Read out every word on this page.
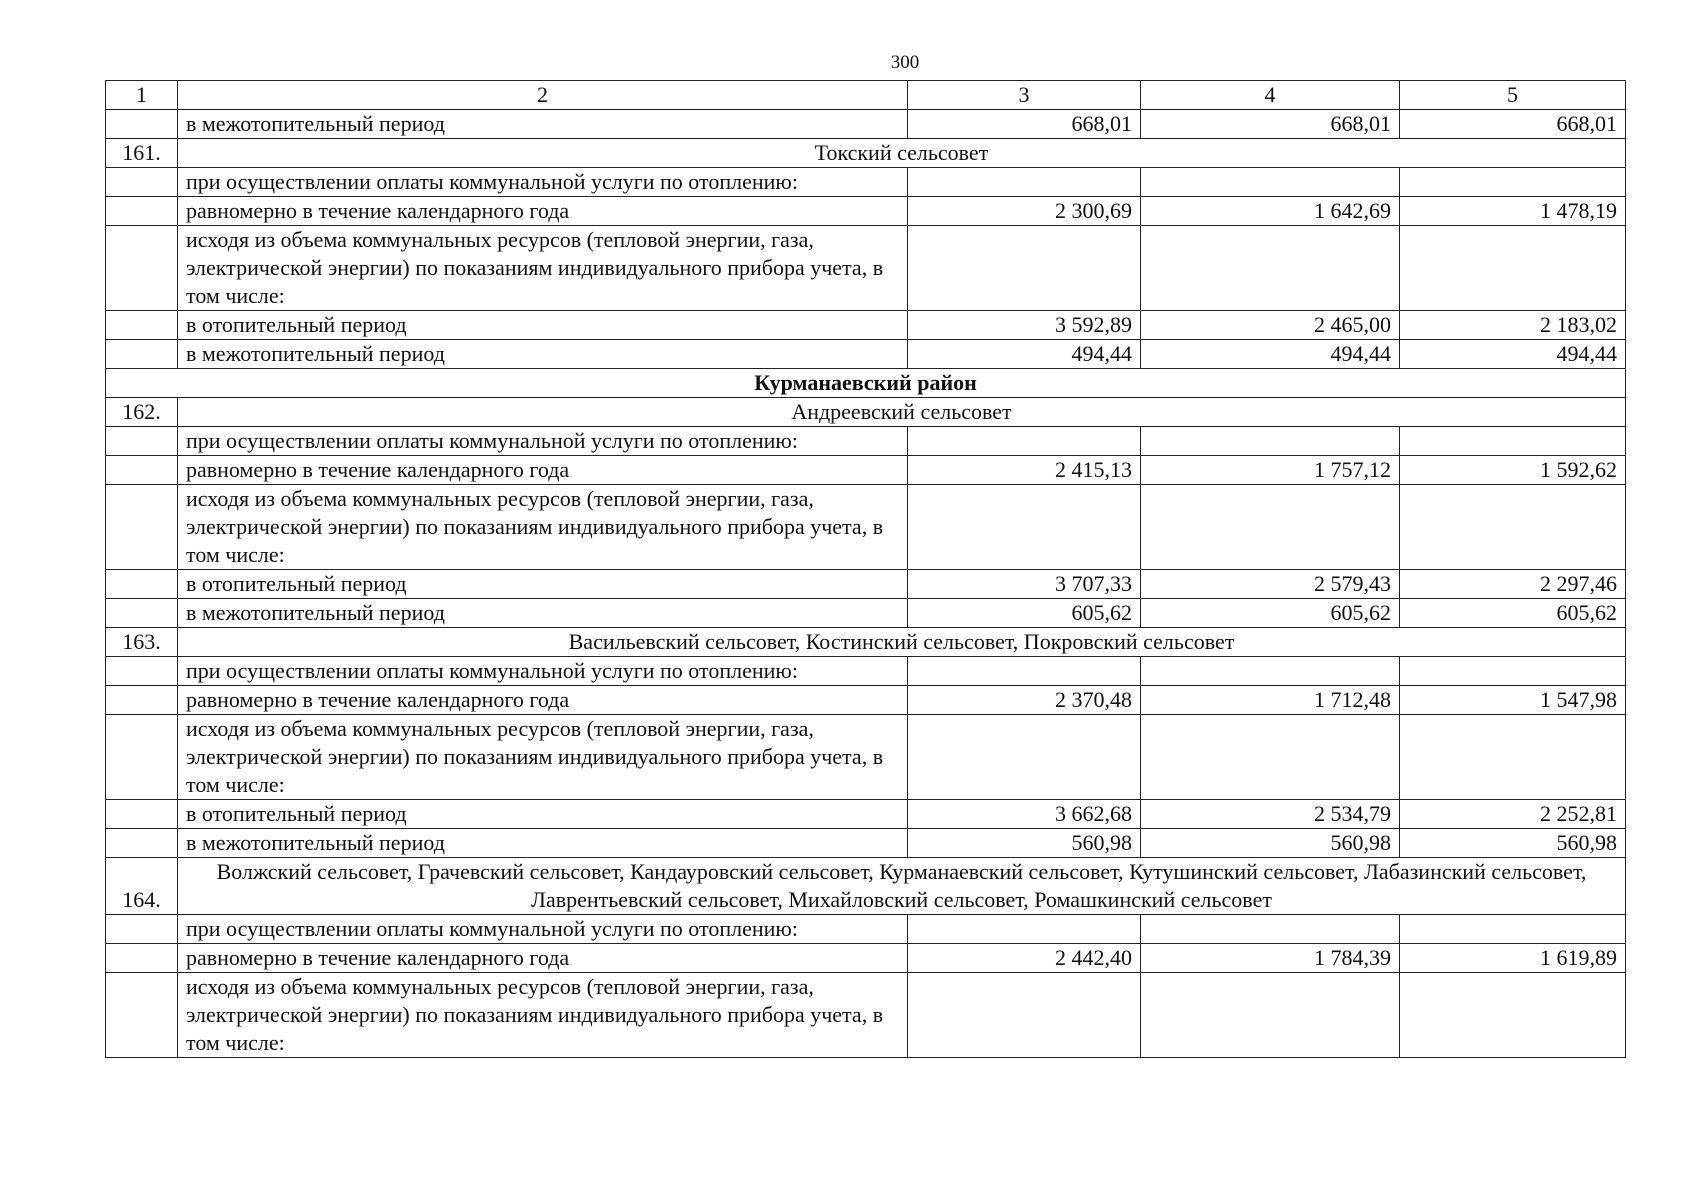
300
1	2	3	4	5
	в межотопительный период	668,01	668,01	668,01
161.	Токский сельсовет			
	при осуществлении оплаты коммунальной услуги по отоплению:			
	равномерно в течение календарного года	2 300,69	1 642,69	1 478,19
	исходя из объема коммунальных ресурсов (тепловой энергии, газа, электрической энергии) по показаниям индивидуального прибора учета, в том числе:			
	в отопительный период	3 592,89	2 465,00	2 183,02
	в межотопительный период	494,44	494,44	494,44
Курманаевский район				
162.	Андреевский сельсовет			
	при осуществлении оплаты коммунальной услуги по отоплению:			
	равномерно в течение календарного года	2 415,13	1 757,12	1 592,62
	исходя из объема коммунальных ресурсов (тепловой энергии, газа, электрической энергии) по показаниям индивидуального прибора учета, в том числе:			
	в отопительный период	3 707,33	2 579,43	2 297,46
	в межотопительный период	605,62	605,62	605,62
163.	Васильевский сельсовет, Костинский сельсовет, Покровский сельсовет			
	при осуществлении оплаты коммунальной услуги по отоплению:			
	равномерно в течение календарного года	2 370,48	1 712,48	1 547,98
	исходя из объема коммунальных ресурсов (тепловой энергии, газа, электрической энергии) по показаниям индивидуального прибора учета, в том числе:			
	в отопительный период	3 662,68	2 534,79	2 252,81
	в межотопительный период	560,98	560,98	560,98
164.	Волжский сельсовет, Грачевский сельсовет, Кандауровский сельсовет, Курманаевский сельсовет, Кутушинский сельсовет, Лабазинский сельсовет, Лаврентьевский сельсовет, Михайловский сельсовет, Ромашкинский сельсовет			
	при осуществлении оплаты коммунальной услуги по отоплению:			
	равномерно в течение календарного года	2 442,40	1 784,39	1 619,89
	исходя из объема коммунальных ресурсов (тепловой энергии, газа, электрической энергии) по показаниям индивидуального прибора учета, в том числе:			
